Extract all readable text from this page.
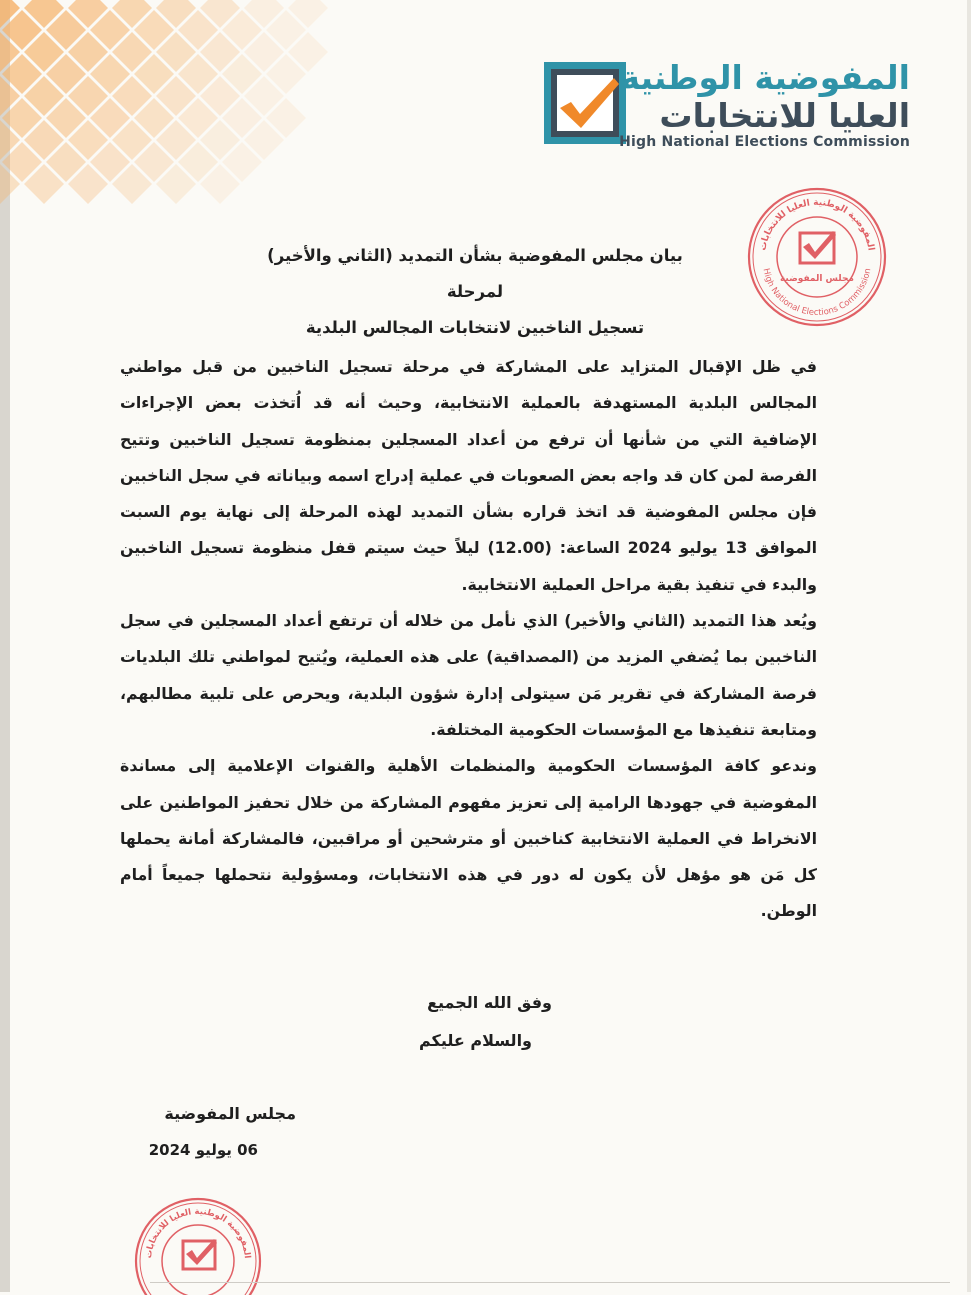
المفوضية الوطنية
العليا للانتخابات
High National Elections Commission
المفوضية الوطنية العليا للانتخابات
High National Elections Commission
مجلس المفوضية

بيان مجلس المفوضية بشأن التمديد (الثاني والأخير) لمرحلة

تسجيل الناخبين لانتخابات المجالس البلدية

في ظل الإقبال المتزايد على المشاركة في مرحلة تسجيل الناخبين من قبل مواطني المجالس البلدية المستهدفة بالعملية الانتخابية، وحيث أنه قد اُتخذت بعض الإجراءات الإضافية التي من شأنها أن ترفع من أعداد المسجلين بمنظومة تسجيل الناخبين وتتيح الفرصة لمن كان قد واجه بعض الصعوبات في عملية إدراج اسمه وبياناته في سجل الناخبين فإن مجلس المفوضية قد اتخذ قراره بشأن التمديد لهذه المرحلة إلى نهاية يوم السبت الموافق 13 يوليو 2024 الساعة: (12.00) ليلاً حيث سيتم قفل منظومة تسجيل الناخبين والبدء في تنفيذ بقية مراحل العملية الانتخابية.

ويُعد هذا التمديد (الثاني والأخير) الذي نأمل من خلاله أن ترتفع أعداد المسجلين في سجل الناخبين بما يُضفي المزيد من (المصداقية) على هذه العملية، ويُتيح لمواطني تلك البلديات فرصة المشاركة في تقرير مَن سيتولى إدارة شؤون البلدية، ويحرص على تلبية مطالبهم، ومتابعة تنفيذها مع المؤسسات الحكومية المختلفة.

وندعو كافة المؤسسات الحكومية والمنظمات الأهلية والقنوات الإعلامية إلى مساندة المفوضية في جهودها الرامية إلى تعزيز مفهوم المشاركة من خلال تحفيز المواطنين على الانخراط في العملية الانتخابية كناخبين أو مترشحين أو مراقبين، فالمشاركة أمانة يحملها كل مَن هو مؤهل لأن يكون له دور في هذه الانتخابات، ومسؤولية نتحملها جميعاً أمام الوطن.

وفق الله الجميع

والسلام عليكم

مجلس المفوضية

06 يوليو 2024

المفوضية الوطنية العليا للانتخابات
